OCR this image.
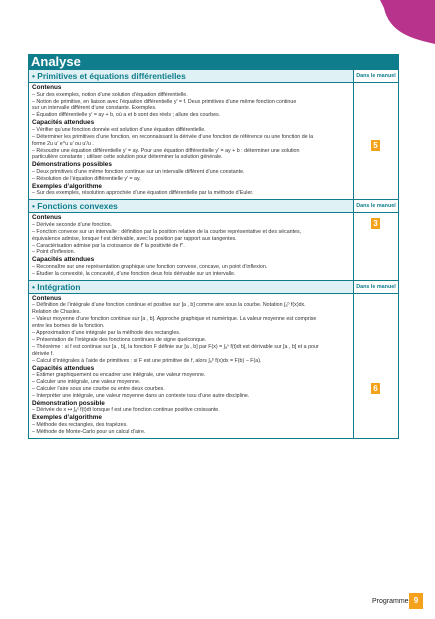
Analyse
• Primitives et équations différentielles
Contenus
– Sur des exemples, notion d’une solution d’équation différentielle.
– Notion de primitive, en liaison avec l’équation différentielle y′ = f. Deux primitives d’une même fonction continue
sur un intervalle diffèrent d’une constante. Exemples.
– Équation différentielle y′ = ay + b, où a et b sont des réels ; allure des courbes.
Capacités attendues
– Vérifier qu’une fonction donnée est solution d’une équation différentielle.
– Déterminer les primitives d’une fonction, en reconnaissant la dérivée d’une fonction de référence ou une fonction de la
forme 2u u′ e^u u′ ou u′/u .
– Résoudre une équation différentielle y′ = ay. Pour une équation différentielle y′ = ay + b : déterminer une solution
particulière constante ; utiliser cette solution pour déterminer la solution générale.
Démonstrations possibles
– Deux primitives d’une même fonction continue sur un intervalle diffèrent d’une constante.
– Résolution de l’équation différentielle y′ = ay.
Exemples d’algorithme
– Sur des exemples, résolution approchée d’une équation différentielle par la méthode d’Euler.
Dans le manuel
5
• Fonctions convexes
Contenus
– Dérivée seconde d’une fonction.
– Fonction convexe sur un intervalle : définition par la position relative de la courbe représentative et des sécantes,
équivalence admise, lorsque f est dérivable, avec la position par rapport aux tangentes.
– Caractérisation admise par la croissance de f′ la positivité de f″.
– Point d’inflexion.
Capacités attendues
– Reconnaître sur une représentation graphique une fonction convexe, concave, un point d’inflexion.
– Étudier la convexité, la concavité, d’une fonction deux fois dérivable sur un intervalle.
Dans le manuel
3
• Intégration
Contenus
– Définition de l’intégrale d’une fonction continue et positive sur [a , b] comme aire sous la courbe. Notation ∫ₐᵇ f(x)dx.
Relation de Chasles.
– Valeur moyenne d’une fonction continue sur [a , b]. Approche graphique et numérique. La valeur moyenne est comprise
entre les bornes de la fonction.
– Approximation d’une intégrale par la méthode des rectangles.
– Présentation de l’intégrale des fonctions continues de signe quelconque.
– Théorème : si f est continue sur [a , b], la fonction F définie sur [a , b] par F(x) = ∫ₐˣ f(t)dt est dérivable sur [a , b] et a pour
dérivée f.
– Calcul d’intégrales à l’aide de primitives : si F est une primitive de f, alors ∫ₐᵇ f(x)dx = F(b) − F(a).
Capacités attendues
– Estimer graphiquement ou encadrer une intégrale, une valeur moyenne.
– Calculer une intégrale, une valeur moyenne.
– Calculer l’aire sous une courbe ou entre deux courbes.
– Interpréter une intégrale, une valeur moyenne dans un contexte issu d’une autre discipline.
Démonstration possible
– Dérivée de x ↦ ∫ₐˣ f(t)dt lorsque f est une fonction continue positive croissante.
Exemples d’algorithme
– Méthode des rectangles, des trapèzes.
– Méthode de Monte-Carlo pour un calcul d’aire.
Dans le manuel
6
Programme 9
